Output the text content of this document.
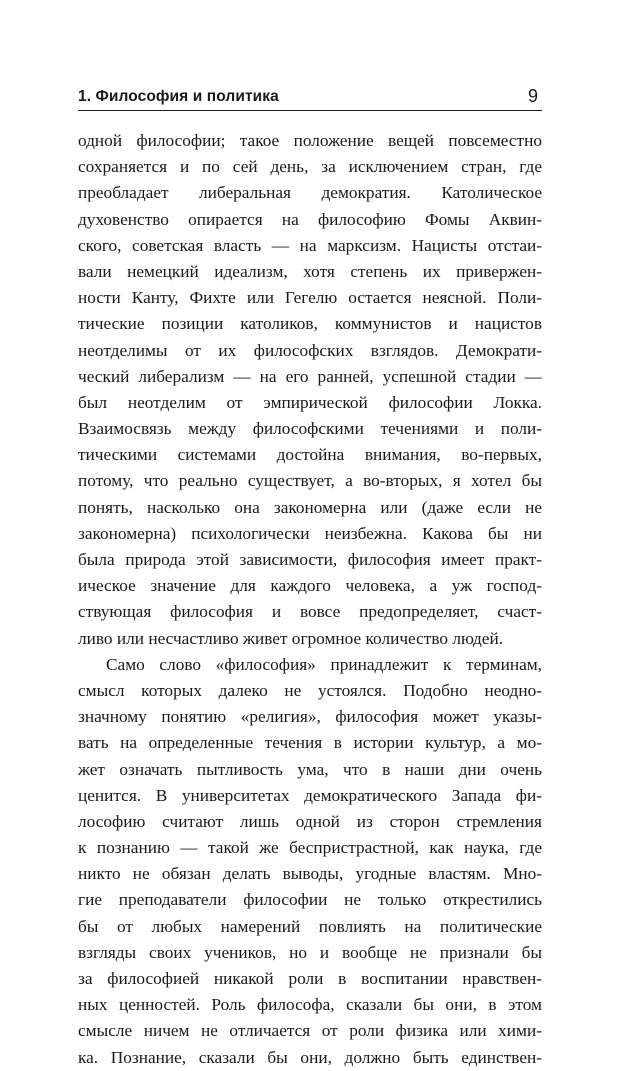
1. Философия и политика	9
одной философии; такое положение вещей повсеместно
сохраняется и по сей день, за исключением стран, где
преобладает либеральная демократия. Католическое
духовенство опирается на философию Фомы Аквин-
ского, советская власть — на марксизм. Нацисты отстаи-
вали немецкий идеализм, хотя степень их привержен-
ности Канту, Фихте или Гегелю остается неясной. Поли-
тические позиции католиков, коммунистов и нацистов
неотделимы от их философских взглядов. Демократи-
ческий либерализм — на его ранней, успешной стадии —
был неотделим от эмпирической философии Локка.
Взаимосвязь между философскими течениями и поли-
тическими системами достойна внимания, во-первых,
потому, что реально существует, а во-вторых, я хотел бы
понять, насколько она закономерна или (даже если не
закономерна) психологически неизбежна. Какова бы ни
была природа этой зависимости, философия имеет практ-
ическое значение для каждого человека, а уж господ-
ствующая философия и вовсе предопределяет, счаст-
ливо или несчастливо живет огромное количество людей.
Само слово «философия» принадлежит к терминам,
смысл которых далеко не устоялся. Подобно неодно-
значному понятию «религия», философия может указы-
вать на определенные течения в истории культур, а мо-
жет означать пытливость ума, что в наши дни очень
ценится. В университетах демократического Запада фи-
лософию считают лишь одной из сторон стремления
к познанию — такой же беспристрастной, как наука, где
никто не обязан делать выводы, угодные властям. Мно-
гие преподаватели философии не только открестились
бы от любых намерений повлиять на политические
взгляды своих учеников, но и вообще не признали бы
за философией никакой роли в воспитании нравствен-
ных ценностей. Роль философа, сказали бы они, в этом
смысле ничем не отличается от роли физика или хими-
ка. Познание, сказали бы они, должно быть единствен-
